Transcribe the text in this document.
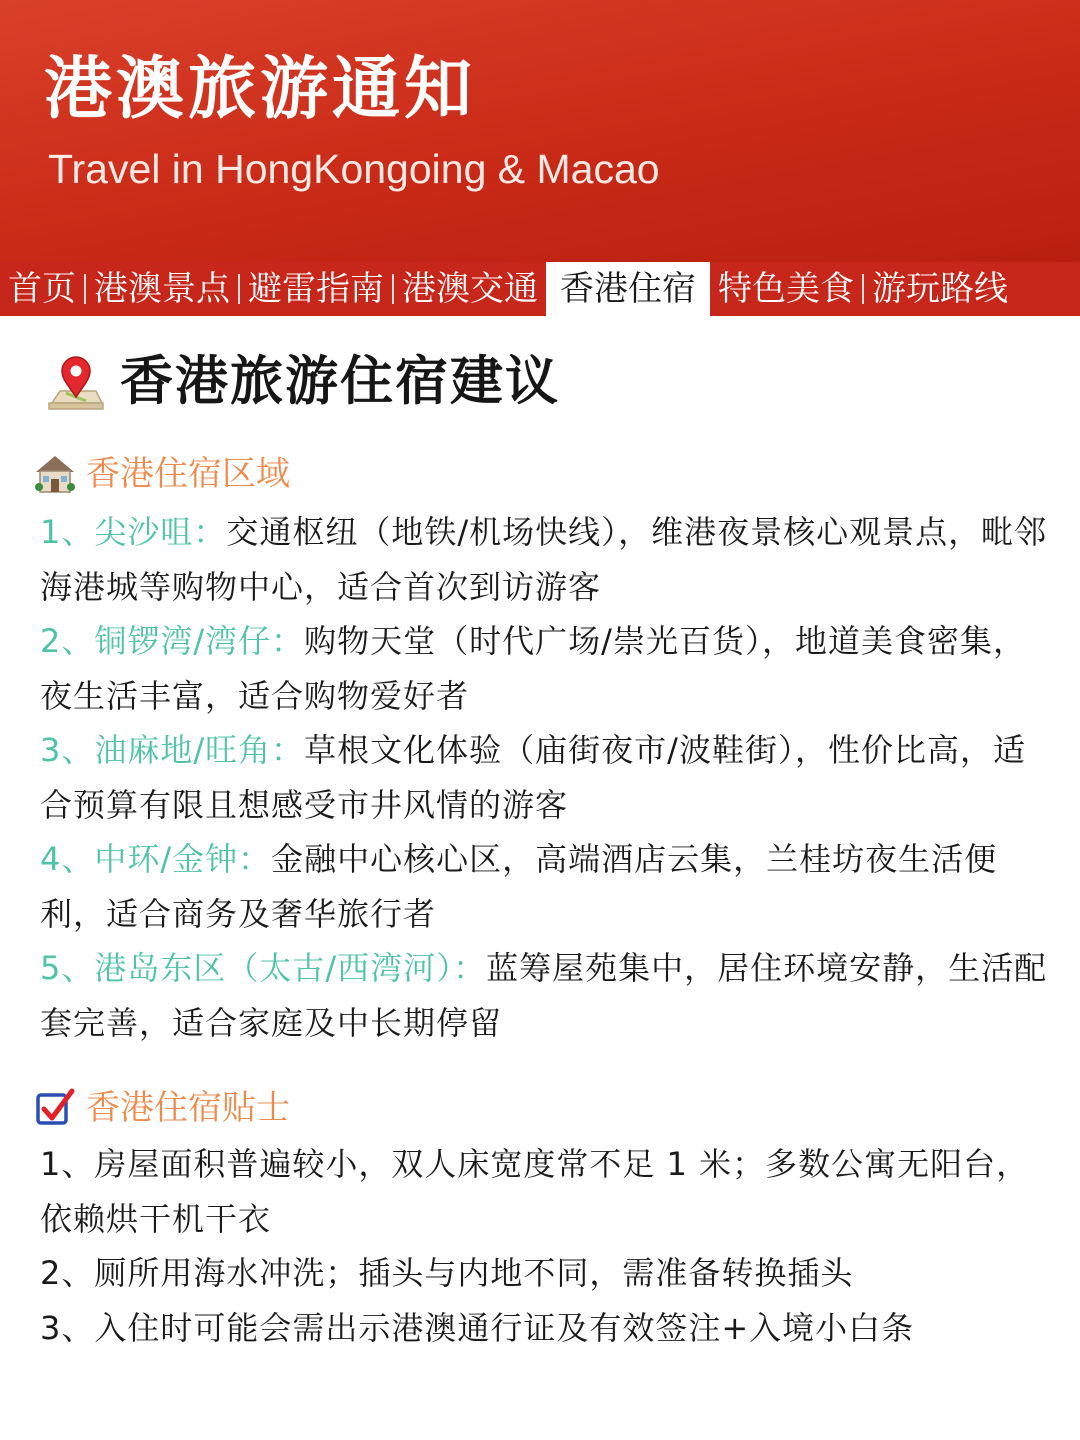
港澳旅游通知
Travel in HongKongoing & Macao
首页 港澳景点 避雷指南 港澳交通 香港住宿 特色美食 游玩路线
香港旅游住宿建议
香港住宿区域
1、尖沙咀：交通枢纽（地铁/机场快线），维港夜景核心观景点，毗邻海港城等购物中心，适合首次到访游客
2、铜锣湾/湾仔：购物天堂（时代广场/崇光百货），地道美食密集，夜生活丰富，适合购物爱好者
3、油麻地/旺角：草根文化体验（庙街夜市/波鞋街），性价比高，适合预算有限且想感受市井风情的游客
4、中环/金钟：金融中心核心区，高端酒店云集，兰桂坊夜生活便利，适合商务及奢华旅行者
5、港岛东区（太古/西湾河）：蓝筹屋苑集中，居住环境安静，生活配套完善，适合家庭及中长期停留
香港住宿贴士
1、房屋面积普遍较小，双人床宽度常不足 1 米；多数公寓无阳台，依赖烘干机干衣
2、厕所用海水冲洗；插头与内地不同，需准备转换插头
3、入住时可能会需出示港澳通行证及有效签注+入境小白条
